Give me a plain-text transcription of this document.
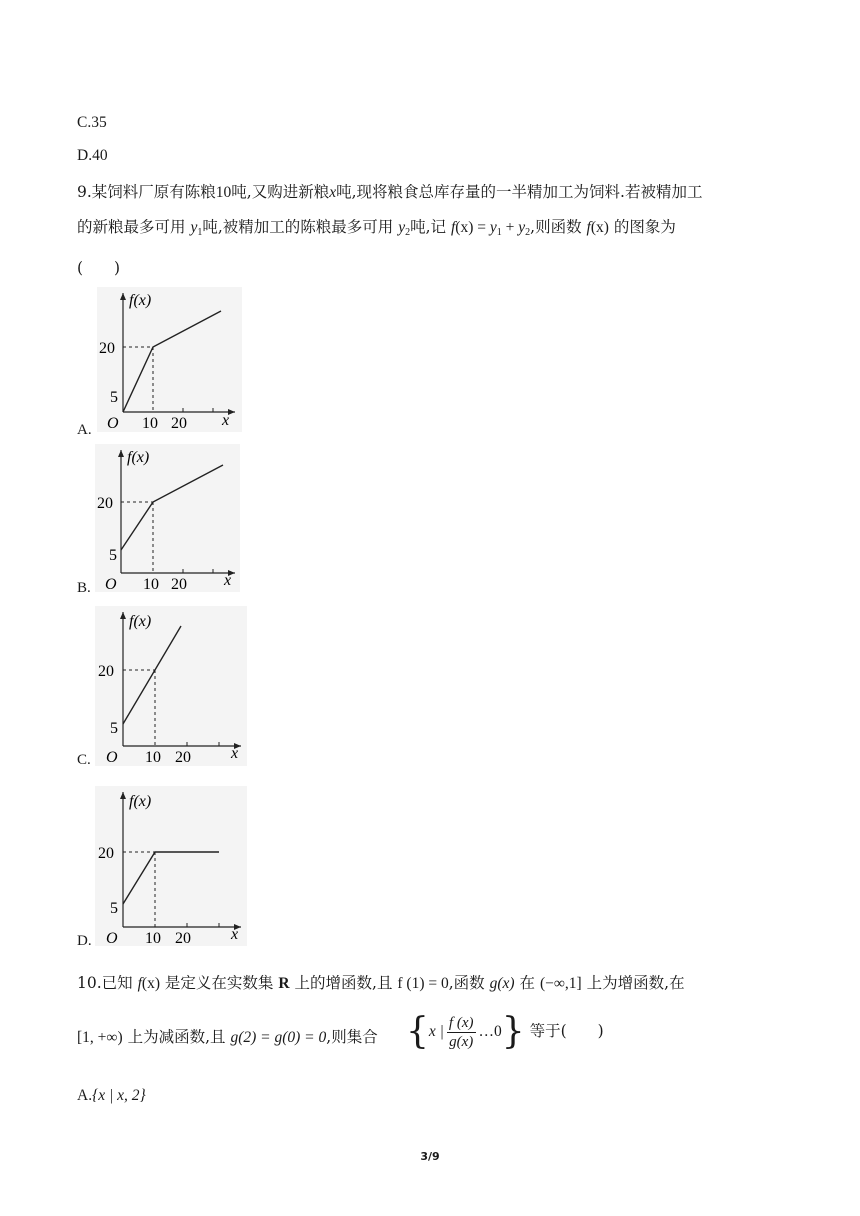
C.35
D.40
9.某饲料厂原有陈粮10吨,又购进新粮x吨,现将粮食总库存量的一半精加工为饲料.若被精加工
的新粮最多可用 $y_1$吨,被精加工的陈粮最多可用 $y_2$吨,记 $f(x) = y_1 + y_2$,则函数 f(x) 的图象为
(　　)
f(x)
20
5
O 10 20 x
A.
f(x)
20
5
O 10 20 x
B.
f(x)
20
5
O 10 20	x
C.
f(x)
20
5
O 10 20	x
D.
10.已知 f(x) 是定义在实数集 R 上的增函数,且 f (1) = 0,函数 g(x) 在 (−∞,1] 上为增函数,在
[1, +∞) 上为减函数,且 g(2) = g(0) = 0,则集合 {x | $\frac{f (x)}{g(x)}$ …0} 等于(　　)
A.{x | x, 2}
3/9
